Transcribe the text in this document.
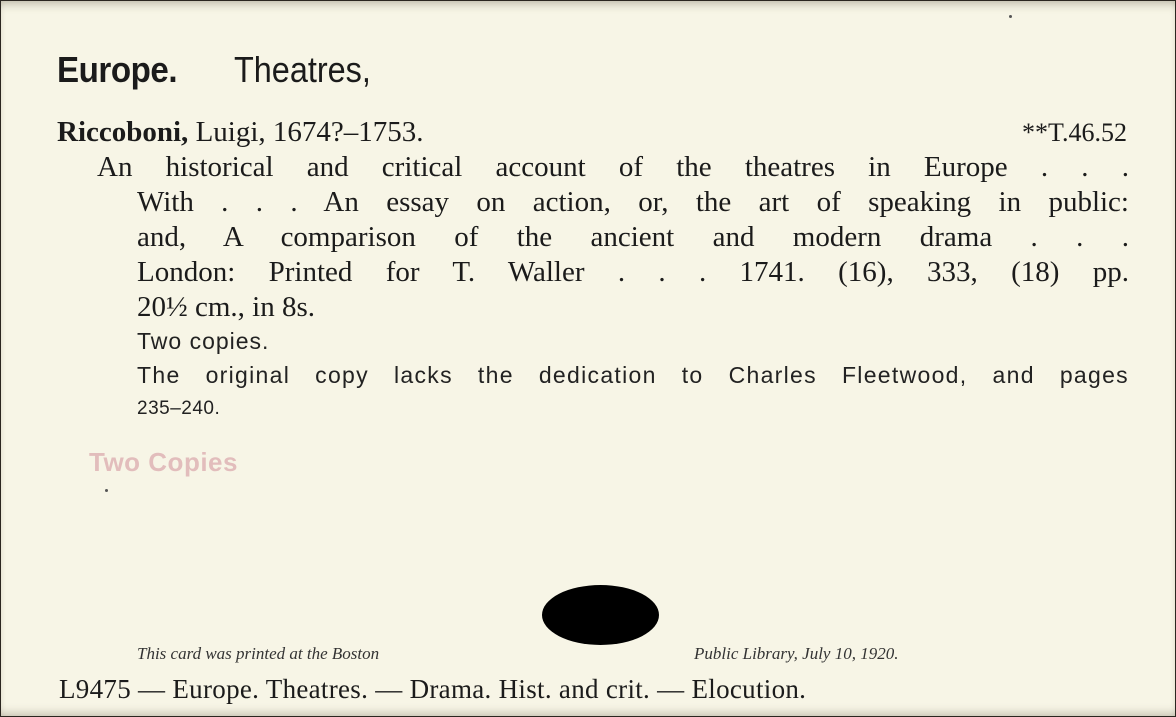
Europe. Theatres,
Riccoboni, Luigi, 1674?–1753.	**T.46.52
An historical and critical account of the theatres in Europe . . .
With . . . An essay on action, or, the art of speaking in public:
and, A comparison of the ancient and modern drama . . .
London: Printed for T. Waller . . . 1741. (16), 333, (18) pp.
20½ cm., in 8s.
Two copies.
The original copy lacks the dedication to Charles Fleetwood, and pages
235–240.
Two Copies
This card was printed at the Boston	Public Library, July 10, 1920.
L9475 — Europe. Theatres. — Drama. Hist. and crit. — Elocution.
